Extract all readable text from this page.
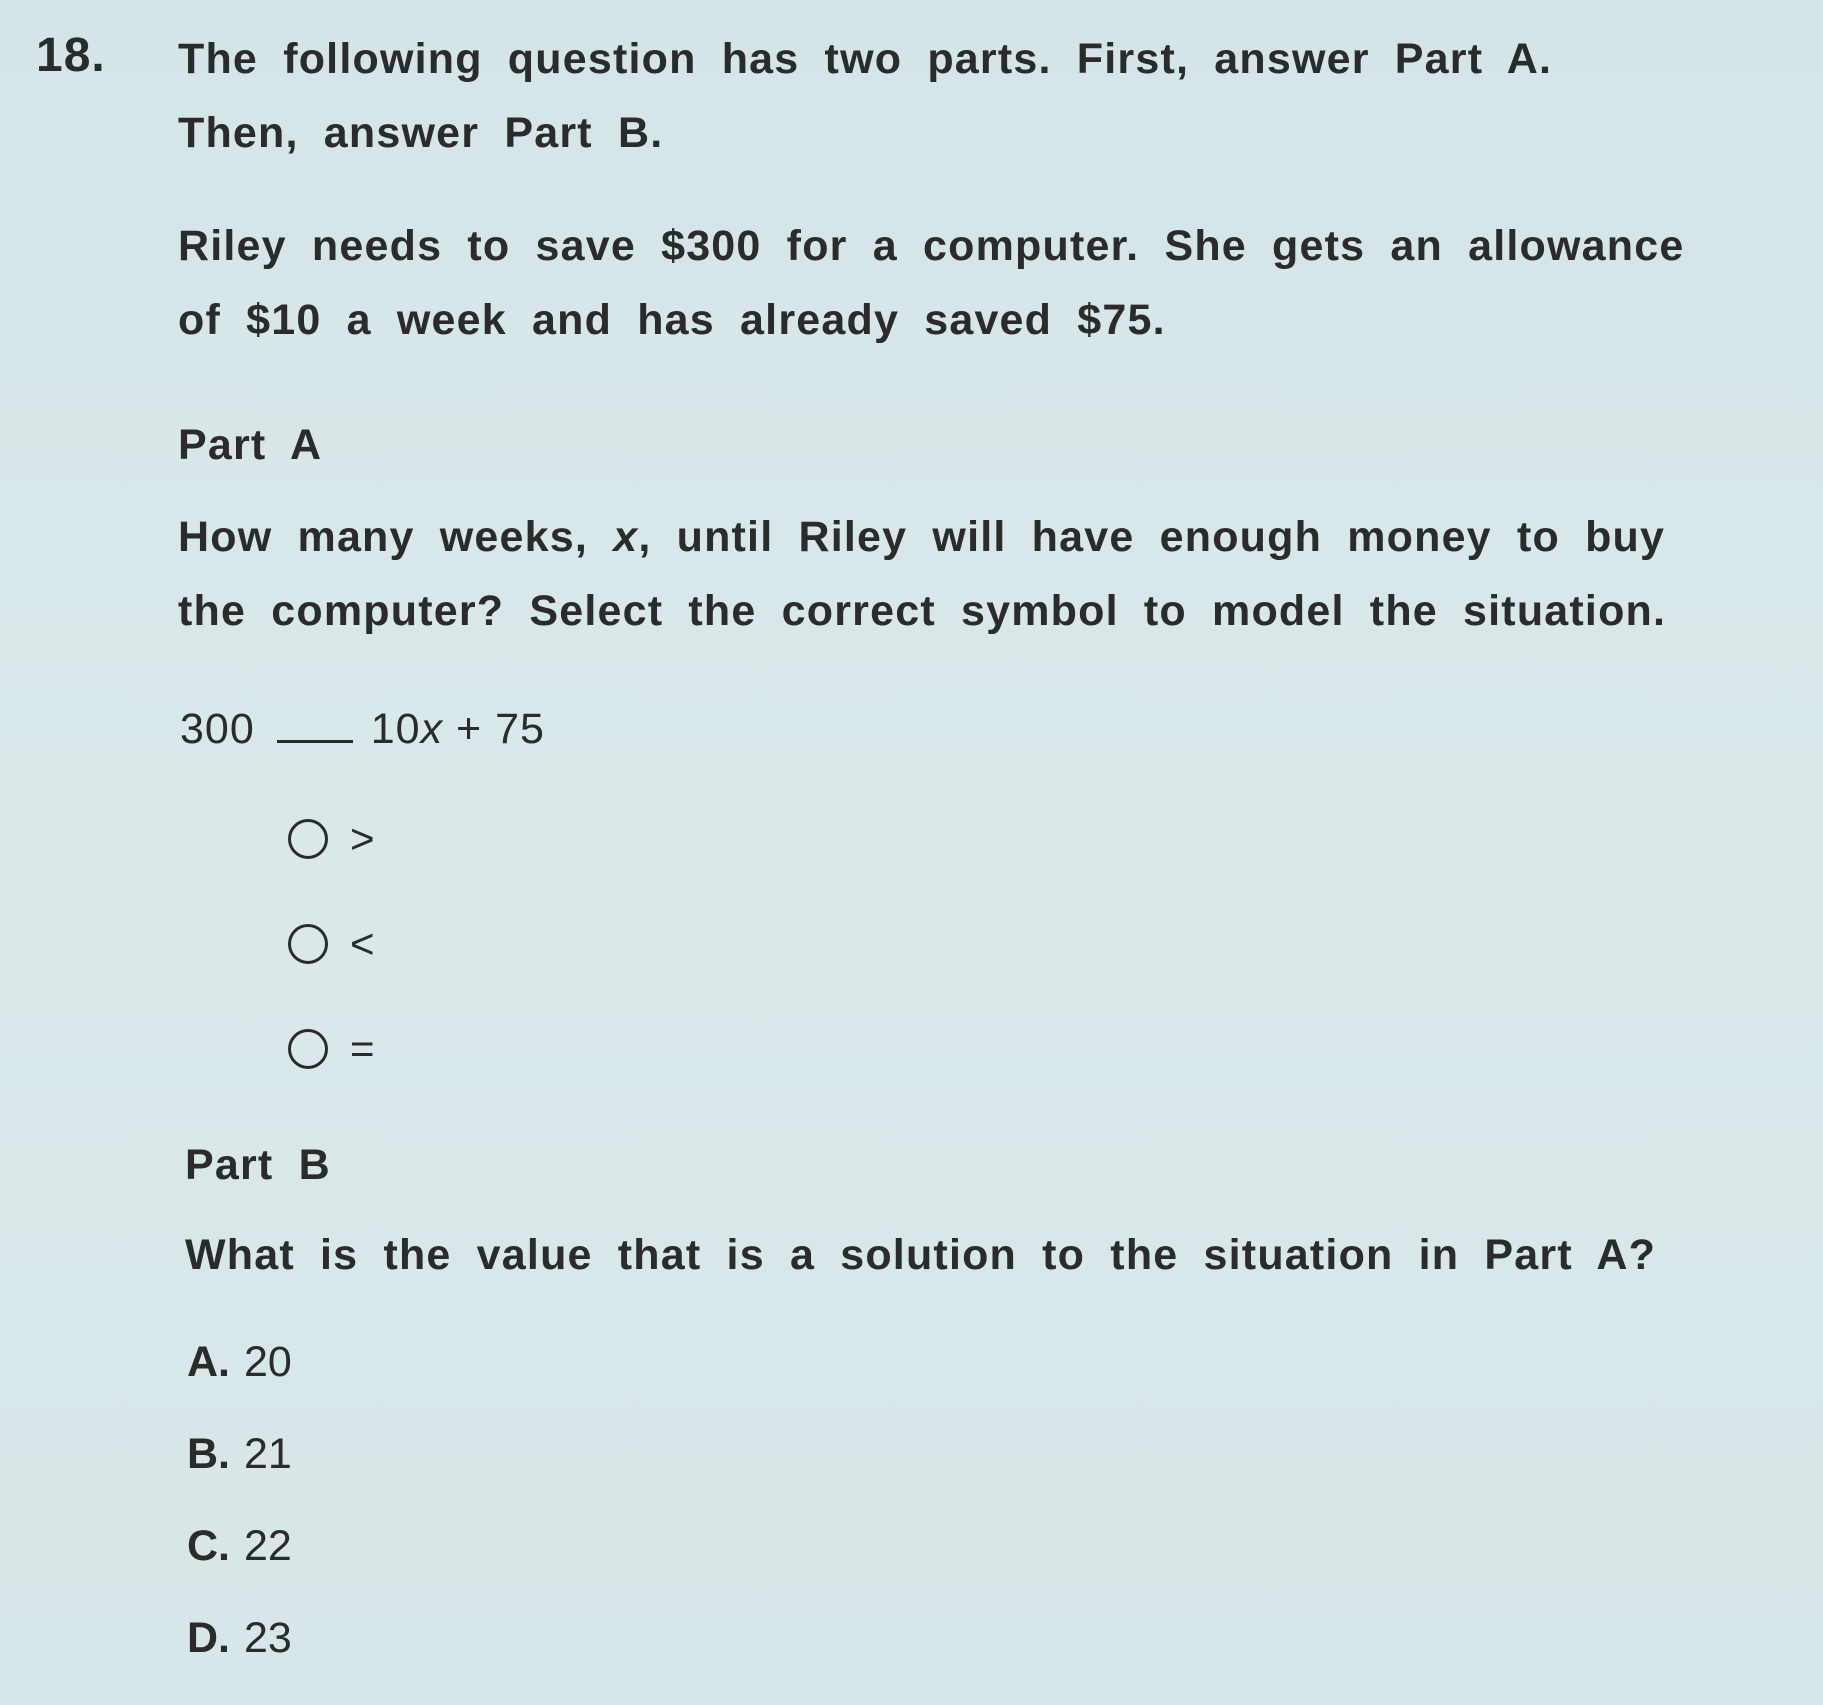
18. The following question has two parts. First, answer Part A.
Then, answer Part B.
Riley needs to save $300 for a computer. She gets an allowance
of $10 a week and has already saved $75.
Part A
How many weeks, x, until Riley will have enough money to buy
the computer? Select the correct symbol to model the situation.
300	10x + 75
>
<
=
Part B
What is the value that is a solution to the situation in Part A?
A. 20
B. 21
C. 22
D. 23
